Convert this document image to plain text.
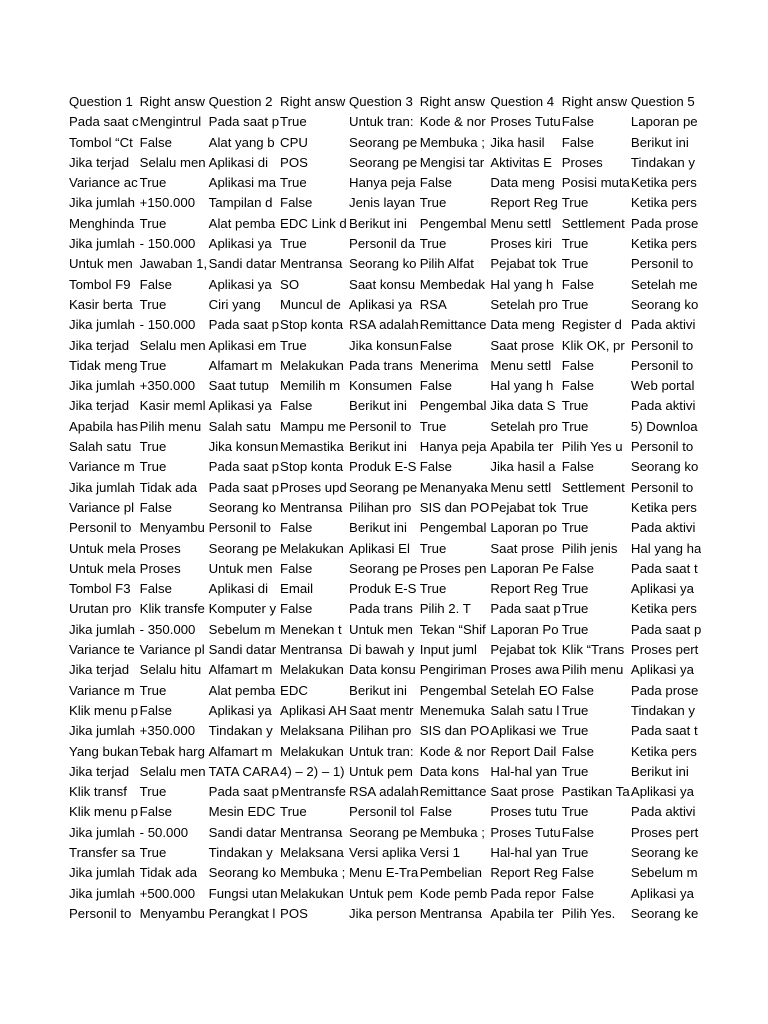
Question 1	Right answ	Question 2	Right answ	Question 3	Right answ	Question 4	Right answ	Question 5
Pada saat c	Mengintrul	Pada saat p	True	Untuk tran:	Kode & nor	Proses Tutu	False	Laporan pe
Tombol “Ct	False	Alat yang b	CPU	Seorang pe	Membuka ;	Jika hasil	False	Berikut ini
Jika terjad	Selalu men	Aplikasi di	POS	Seorang pe	Mengisi tar	Aktivitas E	Proses	Tindakan y
Variance ac	True	Aplikasi ma	True	Hanya peja	False	Data meng	Posisi muta	Ketika pers
Jika jumlah	+150.000	Tampilan d	False	Jenis layan	True	Report Reg	True	Ketika pers
Menghinda	True	Alat pemba	EDC Link d	Berikut ini	Pengembal	Menu settl	Settlement	Pada prose
Jika jumlah	- 150.000	Aplikasi ya	True	Personil da	True	Proses kiri	True	Ketika pers
Untuk men	Jawaban 1,	Sandi datar	Mentransa	Seorang ko	Pilih Alfat	Pejabat tok	True	Personil to
Tombol F9	False	Aplikasi ya	SO	Saat konsu	Membedak	Hal yang h	False	Setelah me
Kasir berta	True	Ciri yang	Muncul de	Aplikasi ya	RSA	Setelah pro	True	Seorang ko
Jika jumlah	- 150.000	Pada saat p	Stop konta	RSA adalah	Remittance	Data meng	Register d	Pada aktivi
Jika terjad	Selalu men	Aplikasi em	True	Jika konsun	False	Saat prose	Klik OK, pr	Personil to
Tidak meng	True	Alfamart m	Melakukan	Pada trans	Menerima	Menu settl	False	Personil to
Jika jumlah	+350.000	Saat tutup	Memilih m	Konsumen	False	Hal yang h	False	Web portal
Jika terjad	Kasir meml	Aplikasi ya	False	Berikut ini	Pengembal	Jika data S	True	Pada aktivi
Apabila has	Pilih menu	Salah satu	Mampu me	Personil to	True	Setelah pro	True	5) Downloa
Salah satu	True	Jika konsun	Memastika	Berikut ini	Hanya peja	Apabila ter	Pilih Yes u	Personil to
Variance m	True	Pada saat p	Stop konta	Produk E-S	False	Jika hasil a	False	Seorang ko
Jika jumlah	Tidak ada	Pada saat p	Proses upd	Seorang pe	Menanyaka	Menu settl	Settlement	Personil to
Variance pl	False	Seorang ko	Mentransa	Pilihan pro	SIS dan PO	Pejabat tok	True	Ketika pers
Personil to	Menyambu	Personil to	False	Berikut ini	Pengembal	Laporan po	True	Pada aktivi
Untuk mela	Proses	Seorang pe	Melakukan	Aplikasi El	True	Saat prose	Pilih jenis	Hal yang ha
Untuk mela	Proses	Untuk men	False	Seorang pe	Proses pen	Laporan Pe	False	Pada saat t
Tombol F3	False	Aplikasi di	Email	Produk E-S	True	Report Reg	True	Aplikasi ya
Urutan pro	Klik transfe	Komputer y	False	Pada trans	Pilih 2. T	Pada saat p	True	Ketika pers
Jika jumlah	- 350.000	Sebelum m	Menekan t	Untuk men	Tekan “Shif	Laporan Po	True	Pada saat p
Variance te	Variance pl	Sandi datar	Mentransa	Di bawah y	Input juml	Pejabat tok	Klik “Trans	Proses pert
Jika terjad	Selalu hitu	Alfamart m	Melakukan	Data konsu	Pengiriman	Proses awa	Pilih menu	Aplikasi ya
Variance m	True	Alat pemba	EDC	Berikut ini	Pengembal	Setelah EO	False	Pada prose
Klik menu p	False	Aplikasi ya	Aplikasi AH	Saat mentr	Menemuka	Salah satu l	True	Tindakan y
Jika jumlah	+350.000	Tindakan y	Melaksana	Pilihan pro	SIS dan PO	Aplikasi we	True	Pada saat t
Yang bukan	Tebak harg	Alfamart m	Melakukan	Untuk tran:	Kode & nor	Report Dail	False	Ketika pers
Jika terjad	Selalu men	TATA CARA	4) – 2) – 1)	Untuk pem	Data kons	Hal-hal yan	True	Berikut ini
Klik transf	True	Pada saat p	Mentransfe	RSA adalah	Remittance	Saat prose	Pastikan Ta	Aplikasi ya
Klik menu p	False	Mesin EDC	True	Personil tol	False	Proses tutu	True	Pada aktivi
Jika jumlah	- 50.000	Sandi datar	Mentransa	Seorang pe	Membuka ;	Proses Tutu	False	Proses pert
Transfer sa	True	Tindakan y	Melaksana	Versi aplika	Versi 1	Hal-hal yan	True	Seorang ke
Jika jumlah	Tidak ada	Seorang ko	Membuka ;	Menu E-Tra	Pembelian	Report Reg	False	Sebelum m
Jika jumlah	+500.000	Fungsi utan	Melakukan	Untuk pem	Kode pemb	Pada repor	False	Aplikasi ya
Personil to	Menyambu	Perangkat l	POS	Jika person	Mentransa	Apabila ter	Pilih Yes.	Seorang ke
